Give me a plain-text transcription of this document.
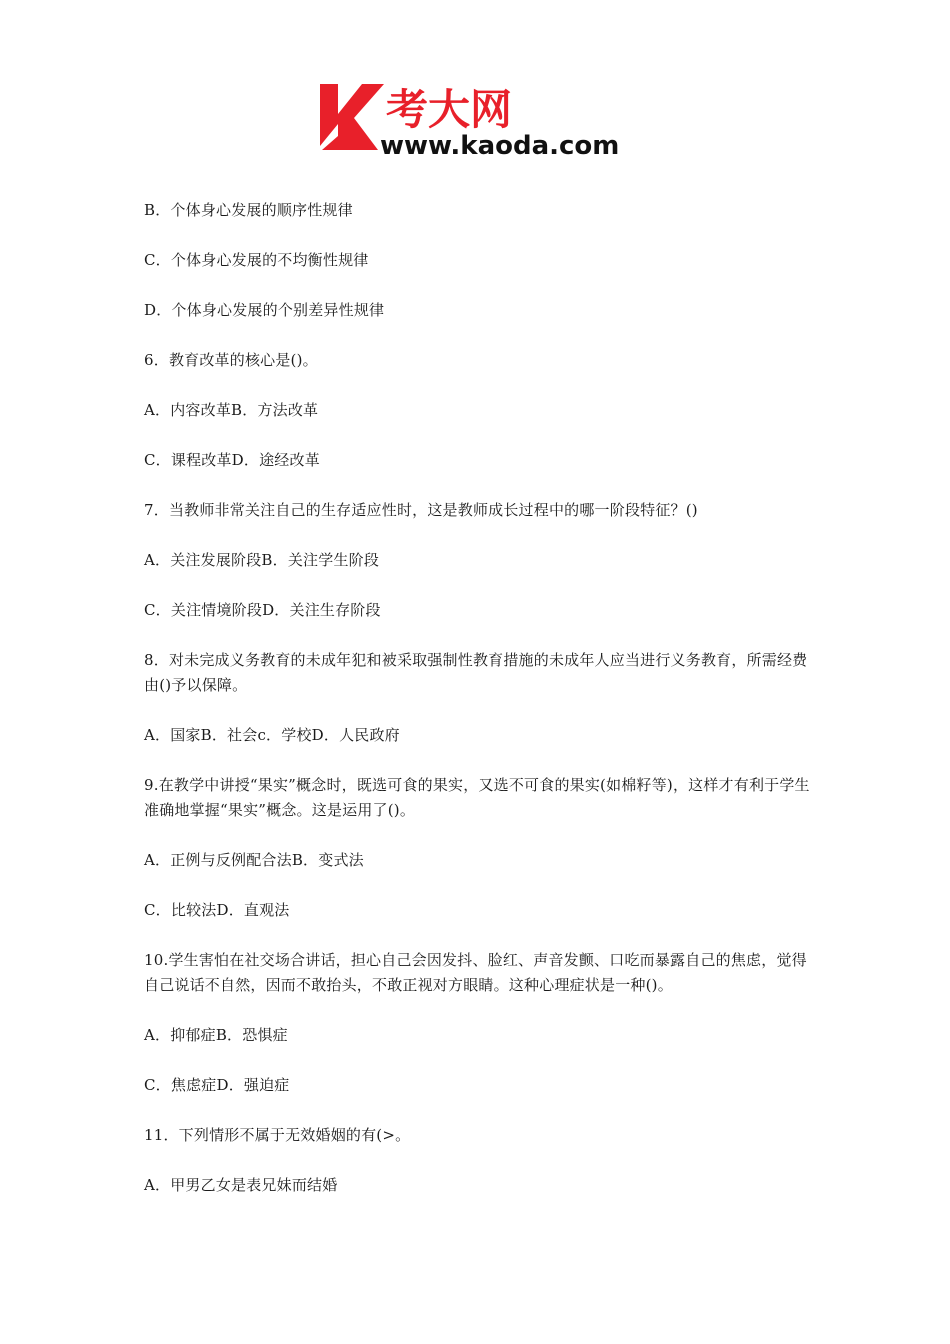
考大网
www.kaoda.com

B．个体身心发展的顺序性规律

C．个体身心发展的不均衡性规律

D．个体身心发展的个别差异性规律

6．教育改革的核心是()。

A．内容改革B．方法改革

C．课程改革D．途经改革

7．当教师非常关注自己的生存适应性时，这是教师成长过程中的哪一阶段特征？()

A．关注发展阶段B．关注学生阶段

C．关注情境阶段D．关注生存阶段

8．对未完成义务教育的未成年犯和被采取强制性教育措施的未成年人应当进行义务教育，所需经费由()予以保障。

A．国家B．社会c．学校D．人民政府

9.在教学中讲授“果实”概念时，既选可食的果实，又选不可食的果实(如棉籽等)，这样才有利于学生准确地掌握“果实”概念。这是运用了()。

A．正例与反例配合法B．变式法

C．比较法D．直观法

10.学生害怕在社交场合讲话，担心自己会因发抖、脸红、声音发颤、口吃而暴露自己的焦虑，觉得自己说话不自然，因而不敢抬头，不敢正视对方眼睛。这种心理症状是一种()。

A．抑郁症B．恐惧症

C．焦虑症D．强迫症

11．下列情形不属于无效婚姻的有(>。

A．甲男乙女是表兄妹而结婚
